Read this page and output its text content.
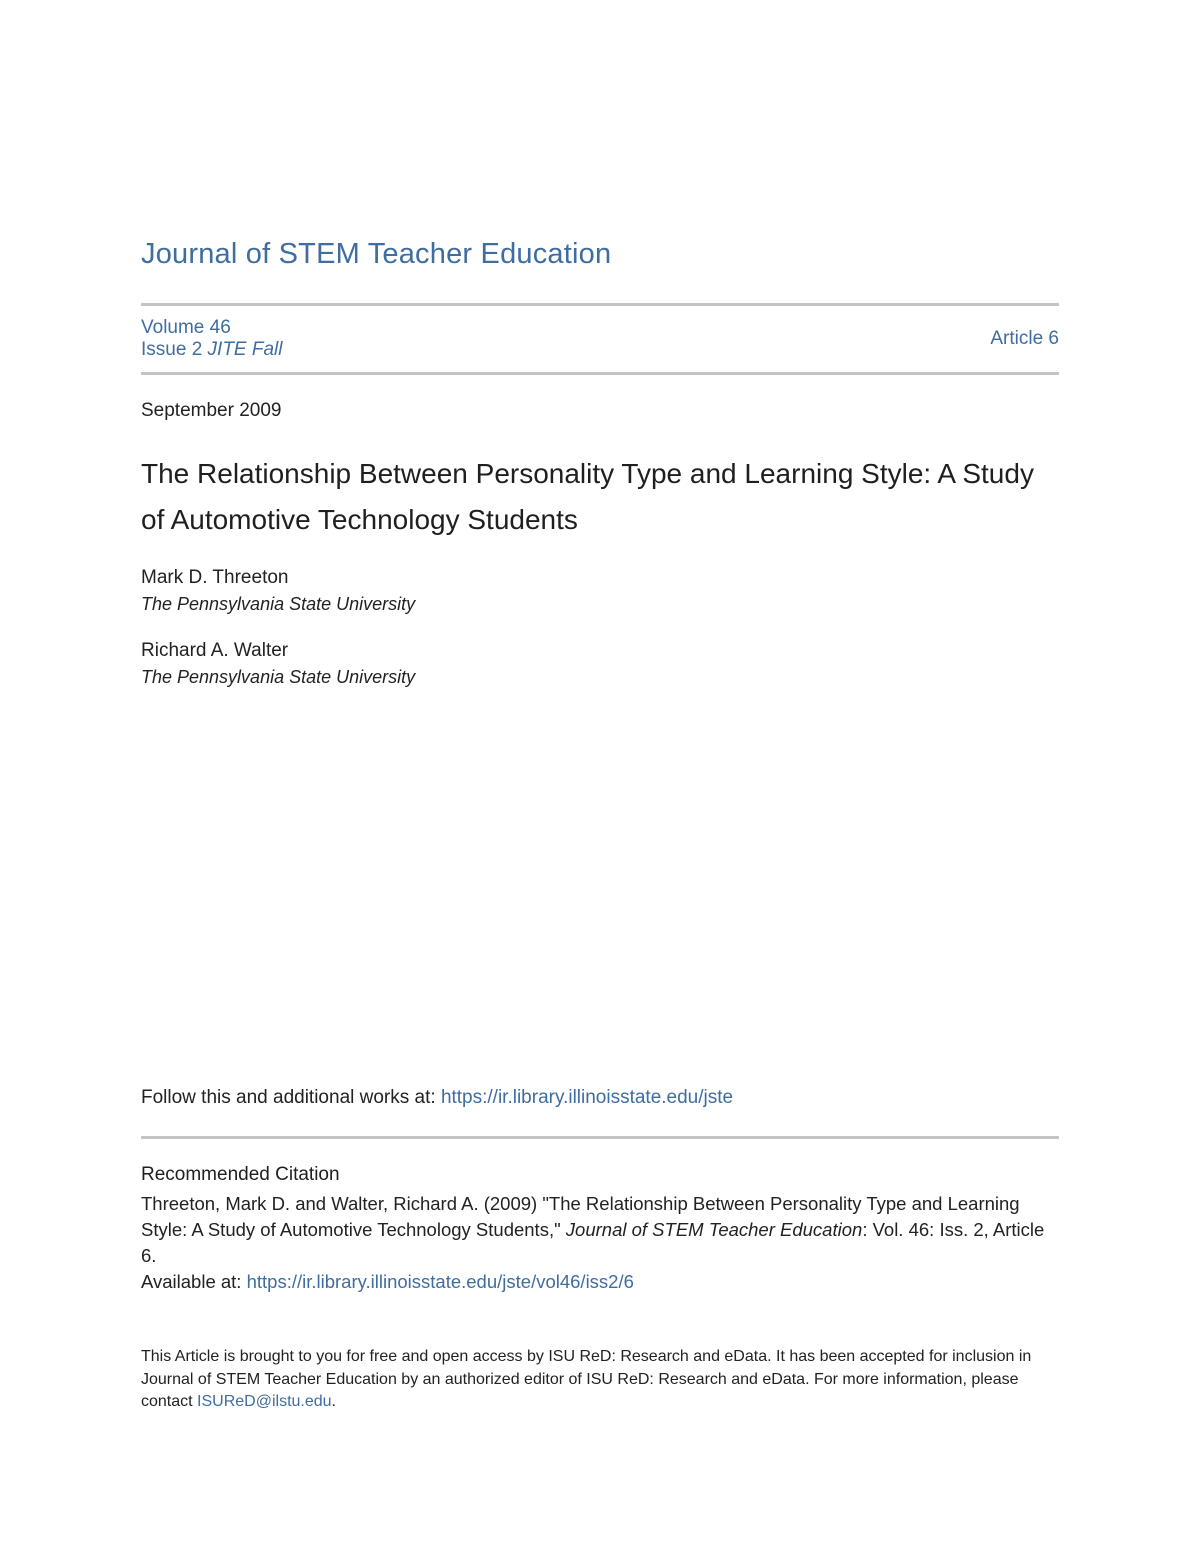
Journal of STEM Teacher Education
Volume 46
Issue 2 JITE Fall
Article 6
September 2009
The Relationship Between Personality Type and Learning Style: A Study of Automotive Technology Students
Mark D. Threeton
The Pennsylvania State University
Richard A. Walter
The Pennsylvania State University
Follow this and additional works at: https://ir.library.illinoisstate.edu/jste
Recommended Citation
Threeton, Mark D. and Walter, Richard A. (2009) "The Relationship Between Personality Type and Learning Style: A Study of Automotive Technology Students," Journal of STEM Teacher Education: Vol. 46: Iss. 2, Article 6.
Available at: https://ir.library.illinoisstate.edu/jste/vol46/iss2/6
This Article is brought to you for free and open access by ISU ReD: Research and eData. It has been accepted for inclusion in Journal of STEM Teacher Education by an authorized editor of ISU ReD: Research and eData. For more information, please contact ISUReD@ilstu.edu.
